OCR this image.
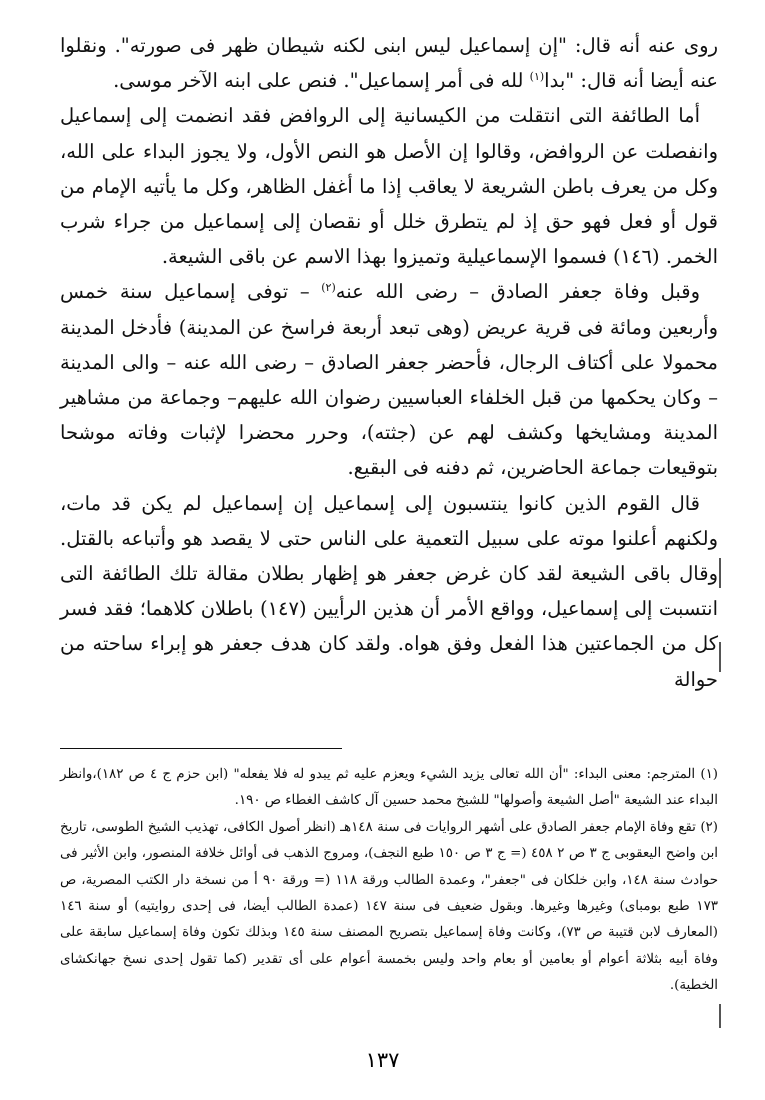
روى عنه أنه قال: "إن إسماعيل ليس ابنى لكنه شيطان ظهر فى صورته". ونقلوا عنه أيضا أنه قال: "بدا$^{(١)}$ لله فى أمر إسماعيل". فنص على ابنه الآخر موسى.

أما الطائفة التى انتقلت من الكيسانية إلى الروافض فقد انضمت إلى إسماعيل وانفصلت عن الروافض، وقالوا إن الأصل هو النص الأول، ولا يجوز البداء على الله، وكل من يعرف باطن الشريعة لا يعاقب إذا ما أغفل الظاهر، وكل ما يأتيه الإمام من قول أو فعل فهو حق إذ لم يتطرق خلل أو نقصان إلى إسماعيل من جراء شرب الخمر. (١٤٦) فسموا الإسماعيلية وتميزوا بهذا الاسم عن باقى الشيعة.

وقبل وفاة جعفر الصادق – رضى الله عنه$^{(٢)}$ – توفى إسماعيل سنة خمس وأربعين ومائة فى قرية عريض (وهى تبعد أربعة فراسخ عن المدينة) فأدخل المدينة محمولا على أكتاف الرجال، فأحضر جعفر الصادق – رضى الله عنه – والى المدينة – وكان يحكمها من قبل الخلفاء العباسيين رضوان الله عليهم– وجماعة من مشاهير المدينة ومشايخها وكشف لهم عن (جثته)، وحرر محضرا لإثبات وفاته موشحا بتوقيعات جماعة الحاضرين، ثم دفنه فى البقيع.

قال القوم الذين كانوا ينتسبون إلى إسماعيل إن إسماعيل لم يكن قد مات، ولكنهم أعلنوا موته على سبيل التعمية على الناس حتى لا يقصد هو وأتباعه بالقتل. وقال باقى الشيعة لقد كان غرض جعفر هو إظهار بطلان مقالة تلك الطائفة التى انتسبت إلى إسماعيل، وواقع الأمر أن هذين الرأيين (١٤٧) باطلان كلاهما؛ فقد فسر كل من الجماعتين هذا الفعل وفق هواه. ولقد كان هدف جعفر هو إبراء ساحته من حوالة

(١) المترجم: معنى البداء: "أن الله تعالى يزيد الشيء ويعزم عليه ثم يبدو له فلا يفعله" (ابن حزم ج ٤ ص ١٨٢)،وانظر البداء عند الشيعة "أصل الشيعة وأصولها" للشيخ محمد حسين آل كاشف الغطاء ص ١٩٠.

(٢) تقع وفاة الإمام جعفر الصادق على أشهر الروايات فى سنة ١٤٨هـ (انظر أصول الكافى، تهذيب الشيخ الطوسى، تاريخ ابن واضح اليعقوبى ج ٣ ص ٢ ٤٥٨ (= ج ٣ ص ١٥٠ طبع النجف)، ومروج الذهب فى أوائل خلافة المنصور، وابن الأثير فى حوادث سنة ١٤٨، وابن خلكان فى "جعفر"، وعمدة الطالب ورقة ١١٨ (= ورقة ٩٠ أ من نسخة دار الكتب المصرية، ص ١٧٣ طبع بومباى) وغيرها وغيرها. وبقول ضعيف فى سنة ١٤٧ (عمدة الطالب أيضا، فى إحدى روايتيه) أو سنة ١٤٦ (المعارف لابن قتيبة ص ٧٣)، وكانت وفاة إسماعيل بتصريح المصنف سنة ١٤٥ وبذلك تكون وفاة إسماعيل سابقة على وفاة أبيه بثلاثة أعوام أو بعامين أو بعام واحد وليس بخمسة أعوام على أى تقدير (كما تقول إحدى نسخ جهانكشاى الخطية).

١٣٧
